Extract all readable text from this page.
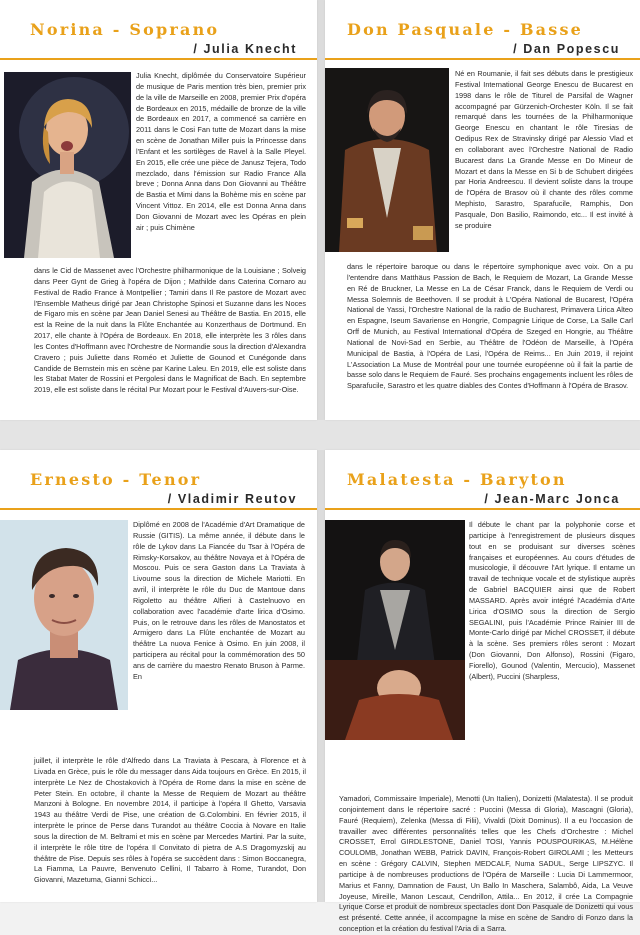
Norina - Soprano
/ Julia Knecht
Julia Knecht, diplômée du Conservatoire Supérieur de musique de Paris mention très bien, premier prix de la ville de Marseille en 2008, premier Prix d'opéra de Bordeaux en 2015, médaille de bronze de la ville de Bordeaux en 2017, a commencé sa carrière en 2011 dans le Cosi Fan tutte de Mozart dans la mise en scène de Jonathan Miller puis la Princesse dans l'Enfant et les sortilèges de Ravel à la Salle Pleyel. En 2015, elle crée une pièce de Janusz Tejera, Todo mezclado, dans l'émission sur Radio France Alla breve ; Donna Anna dans Don Giovanni au Théâtre de Bastia et Mimi dans la Bohème mis en scène par Vincent Vittoz. En 2014, elle est Donna Anna dans Don Giovanni de Mozart avec les Opéras en plein air ; puis Chimène
dans le Cid de Massenet avec l'Orchestre philharmonique de la Louisiane ; Solveig dans Peer Gynt de Grieg à l'opéra de Dijon ; Mathilde dans Caterina Cornaro au Festival de Radio France à Montpellier ; Tamiri dans Il Re pastore de Mozart avec l'Ensemble Matheus dirigé par Jean Christophe Spinosi et Suzanne dans les Noces de Figaro mis en scène par Jean Daniel Senesi au Théâtre de Bastia. En 2015, elle est la Reine de la nuit dans la Flûte Enchantée au Konzerthaus de Dortmund. En 2017, elle chante à l'Opéra de Bordeaux. En 2018, elle interprète les 3 rôles dans les Contes d'Hoffmann avec l'Orchestre de Normandie sous la direction d'Alexandra Cravero ; puis Juliette dans Roméo et Juliette de Gounod et Cunégonde dans Candide de Bernstein mis en scène par Karine Laleu. En 2019, elle est soliste dans les Stabat Mater de Rossini et Pergolesi dans le Magnificat de Bach. En septembre 2019, elle est soliste dans le récital Pur Mozart pour le Festival d'Auvers-sur-Oise.
Don Pasquale - Basse
/ Dan Popescu
Né en Roumanie, il fait ses débuts dans le prestigieux Festival International George Enescu de Bucarest en 1998 dans le rôle de Titurel de Parsifal de Wagner accompagné par Gürzenich-Orchester Köln. Il se fait remarqué dans les tournées de la Philharmonique George Enescu en chantant le rôle Tiresias de Oedipus Rex de Stravinsky dirigé par Alessio Vlad et en collaborant avec l'Orchestre National de Radio Bucarest dans La Grande Messe en Do Mineur de Mozart et dans la Messe en Si b de Schubert dirigées par Horia Andreescu. Il devient soliste dans la troupe de l'Opéra de Brasov où il chante des rôles comme Mephisto, Sarastro, Sparafucile, Ramphis, Don Pasquale, Don Basilio, Raimondo, etc... Il est invité à se produire
dans le répertoire baroque ou dans le répertoire symphonique avec voix. On a pu l'entendre dans Matthäus Passion de Bach, le Requiem de Mozart, La Grande Messe en Ré de Bruckner, La Messe en La de César Franck, dans le Requiem de Verdi ou Messa Solemnis de Beethoven. Il se produit à L'Opéra National de Bucarest, l'Opéra National de Yassi, l'Orchestre National de la radio de Bucharest, Primavera Lirica Alteo en Espagne, Iseum Savariense en Hongrie, Compagnie Lirique de Corse, La Salle Carl Orff de Munich, au Festival International d'Opéra de Szeged en Hongrie, au Théâtre National de Novi-Sad en Serbie, au Théâtre de l'Odéon de Marseille, à l'Opéra Municipal de Bastia, à l'Opéra de Lasi, l'Opéra de Reims... En Juin 2019, il rejoint L'Association La Muse de Montréal pour une tournée européenne où il fait la partie de basse solo dans le Requiem de Fauré. Ses prochains engagements incluent les rôles de Sparafucile, Sarastro et les quatre diables des Contes d'Hoffmann à l'Opéra de Brasov.
Ernesto - Tenor
/ Vladimir Reutov
Diplômé en 2008 de l'Académie d'Art Dramatique de Russie (GITIS). La même année, il débute dans le rôle de Lykov dans La Fiancée du Tsar à l'Opéra de Rimsky-Korsakov, au théâtre Novaya et à l'Opéra de Moscou. Puis ce sera Gaston dans La Traviata à Livourne sous la direction de Michele Mariotti. En avril, il interprète le rôle du Duc de Mantoue dans Rigoletto au théâtre Alfieri à Castelnuovo en collaboration avec l'académie d'arte lirica d'Osimo. Puis, on le retrouve dans les rôles de Manostatos et Armigero dans La Flûte enchantée de Mozart au théâtre La nuova Fenice à Osimo. En juin 2008, il participera au récital pour la commémoration des 50 ans de carrière du maestro Renato Bruson à Parme. En
juillet, il interprète le rôle d'Alfredo dans La Traviata à Pescara, à Florence et à Livada en Grèce, puis le rôle du messager dans Aida toujours en Grèce. En 2015, il interprète Le Nez de Chostakovich à l'Opéra de Rome dans la mise en scène de Peter Stein. En octobre, il chante la Messe de Requiem de Mozart au théâtre Manzoni à Bologne. En novembre 2014, il participe à l'opéra Il Ghetto, Varsavia 1943 au théâtre Verdi de Pise, une création de G.Colombini. En février 2015, il interprète le prince de Perse dans Turandot au théâtre Coccia à Novare en Italie sous la direction de M. Beltrami et mis en scène par Mercedes Martini. Par la suite, il interprète le rôle titre de l'opéra Il Convitato di pietra de A.S Dragomyzskij au théâtre de Pise. Depuis ses rôles à l'opéra se succèdent dans : Simon Boccanegra, La Fiamma, La Pauvre, Benvenuto Cellini, Il Tabarro à Rome, Turandot, Don Giovanni, Mazetuma, Gianni Schicci...
Malatesta - Baryton
/ Jean-Marc Jonca
Il débute le chant par la polyphonie corse et participe à l'enregistrement de plusieurs disques tout en se produisant sur diverses scènes françaises et européennes. Au cours d'études de musicologie, il découvre l'Art lyrique. Il entame un travail de technique vocale et de stylistique auprès de Gabriel BACQUIER ainsi que de Robert MASSARD. Après avoir intégré l'Académia d'Arte Lirica d'OSIMO sous la direction de Sergio SEGALINI, puis l'Académie Prince Rainier III de Monte-Carlo dirigé par Michel CROSSET, il débute à la scène. Ses premiers rôles seront : Mozart (Don Giovanni, Don Alfonso), Rossini (Figaro, Fiorello), Gounod (Valentin, Mercucio), Massenet (Albert), Puccini (Sharpless,
Yamadori, Commissaire Imperiale), Menotti (Un Italien), Donizetti (Malatesta). Il se produit conjointement dans le répertoire sacré : Puccini (Messa di Gloria), Mascagni (Gloria), Fauré (Requiem), Zelenka (Messa di Filii), Vivaldi (Dixit Dominus). Il a eu l'occasion de travailler avec différentes personnalités telles que les Chefs d'Orchestre : Michel CROSSET, Errol GIRDLESTONE, Daniel TOSI, Yannis POUSPOURIKAS, M.Hélène COULOMB, Jonathan WEBB, Patrick DAVIN, François-Robert GIROLAMI ; les Metteurs en scène : Grégory CALVIN, Stephen MEDCALF, Numa SADUL, Serge LIPSZYC. Il participe à de nombreuses productions de l'Opéra de Marseille : Lucia Di Lammermoor, Marius et Fanny, Damnation de Faust, Un Ballo In Maschera, Salambô, Aida, La Veuve Joyeuse, Mireille, Manon Lescaut, Cendrillon, Attila... En 2012, il crée La Compagnie Lyrique Corse et produit de nombreux spectacles dont Don Pasquale de Donizetti qui vous est présenté. Cette année, il accompagne la mise en scène de Sandro di Fonzo dans la conception et la création du festival l'Aria di a Sarra.
